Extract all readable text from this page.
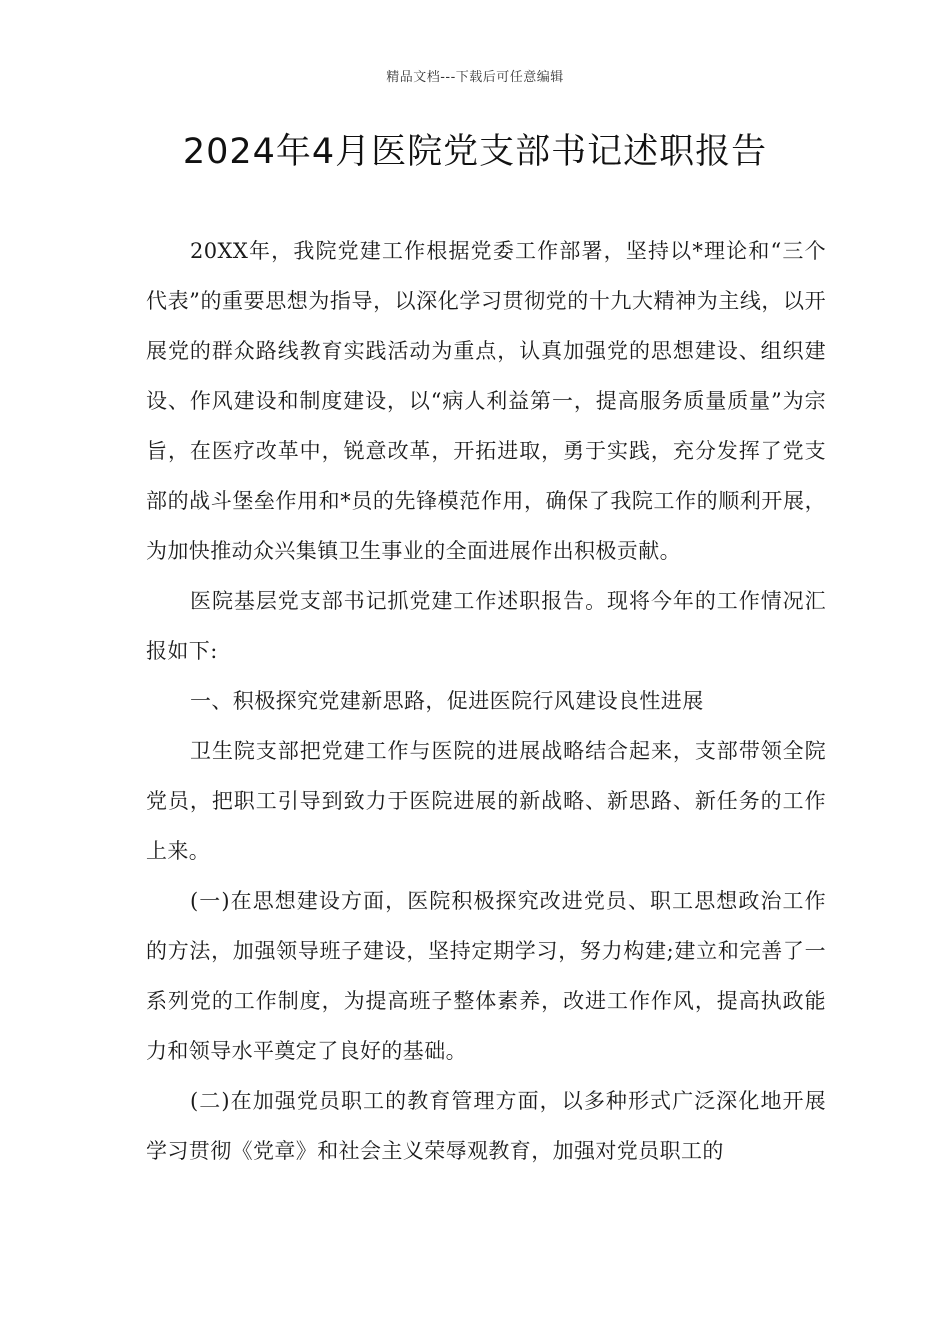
精品文档---下载后可任意编辑
2024年4月医院党支部书记述职报告

20XX年，我院党建工作根据党委工作部署，坚持以*理论和“三个代表”的重要思想为指导，以深化学习贯彻党的十九大精神为主线，以开展党的群众路线教育实践活动为重点，认真加强党的思想建设、组织建设、作风建设和制度建设，以“病人利益第一，提高服务质量质量”为宗旨，在医疗改革中，锐意改革，开拓进取，勇于实践，充分发挥了党支部的战斗堡垒作用和*员的先锋模范作用，确保了我院工作的顺利开展，为加快推动众兴集镇卫生事业的全面进展作出积极贡献。

医院基层党支部书记抓党建工作述职报告。现将今年的工作情况汇报如下:

一、积极探究党建新思路，促进医院行风建设良性进展

卫生院支部把党建工作与医院的进展战略结合起来，支部带领全院党员，把职工引导到致力于医院进展的新战略、新思路、新任务的工作上来。

(一)在思想建设方面，医院积极探究改进党员、职工思想政治工作的方法，加强领导班子建设，坚持定期学习，努力构建;建立和完善了一系列党的工作制度，为提高班子整体素养，改进工作作风，提高执政能力和领导水平奠定了良好的基础。

(二)在加强党员职工的教育管理方面，以多种形式广泛深化地开展学习贯彻《党章》和社会主义荣辱观教育，加强对党员职工的
